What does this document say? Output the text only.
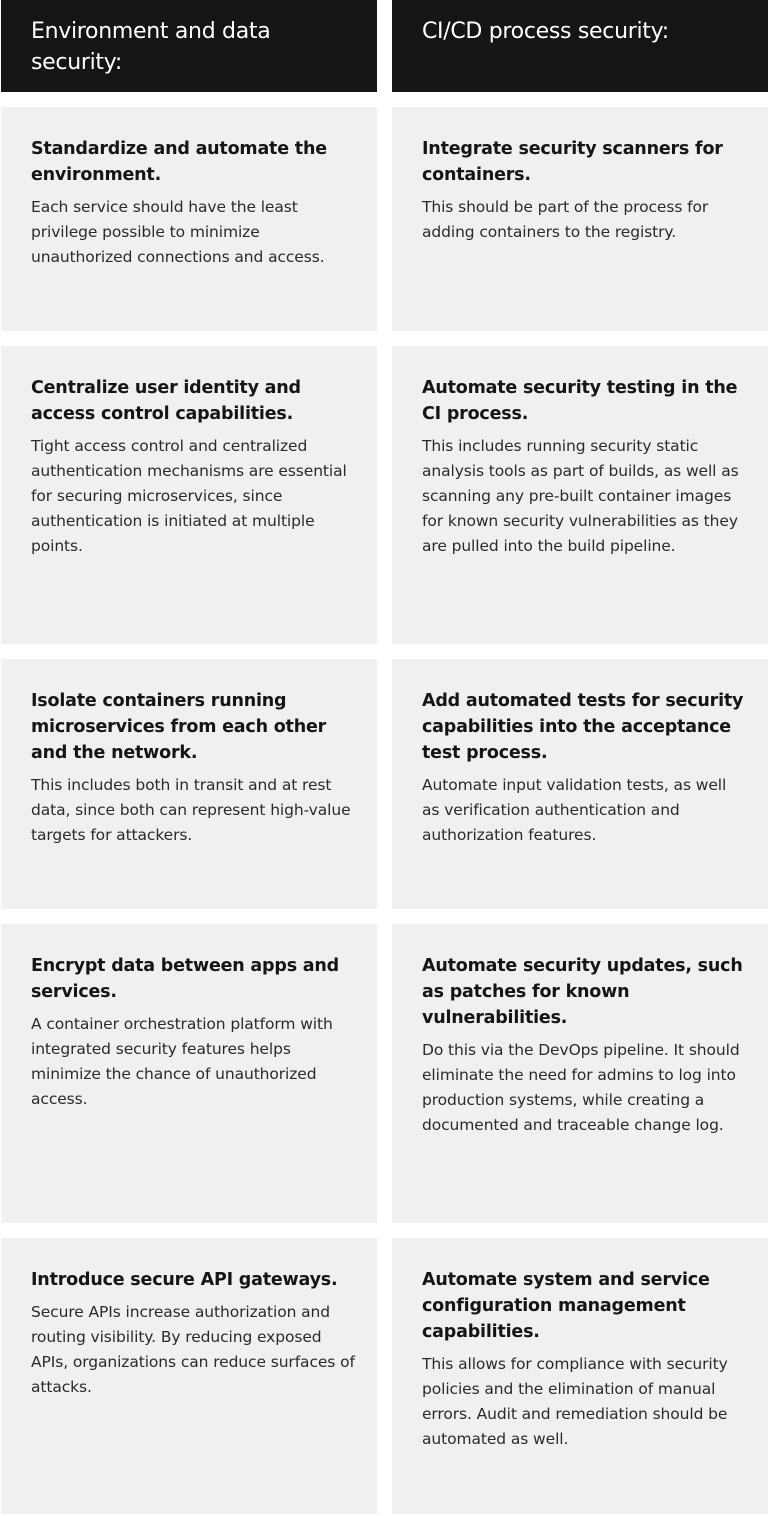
Environment and data security:
CI/CD process security:
Standardize and automate the environment.

Each service should have the least privilege possible to minimize unauthorized connections and access.

Integrate security scanners for containers.

This should be part of the process for adding containers to the registry.

Centralize user identity and access control capabilities.

Tight access control and centralized authentication mechanisms are essential for securing microservices, since authentication is initiated at multiple points.

Automate security testing in the CI process.

This includes running security static analysis tools as part of builds, as well as scanning any pre-built container images for known security vulnerabilities as they are pulled into the build pipeline.

Isolate containers running microservices from each other and the network.

This includes both in transit and at rest data, since both can represent high-value targets for attackers.

Add automated tests for security capabilities into the acceptance test process.

Automate input validation tests, as well as verification authentication and authorization features.

Encrypt data between apps and services.

A container orchestration platform with integrated security features helps minimize the chance of unauthorized access.

Automate security updates, such as patches for known vulnerabilities.

Do this via the DevOps pipeline. It should eliminate the need for admins to log into production systems, while creating a documented and traceable change log.

Introduce secure API gateways.

Secure APIs increase authorization and routing visibility. By reducing exposed APIs, organizations can reduce surfaces of attacks.

Automate system and service configuration management capabilities.

This allows for compliance with security policies and the elimination of manual errors. Audit and remediation should be automated as well.
